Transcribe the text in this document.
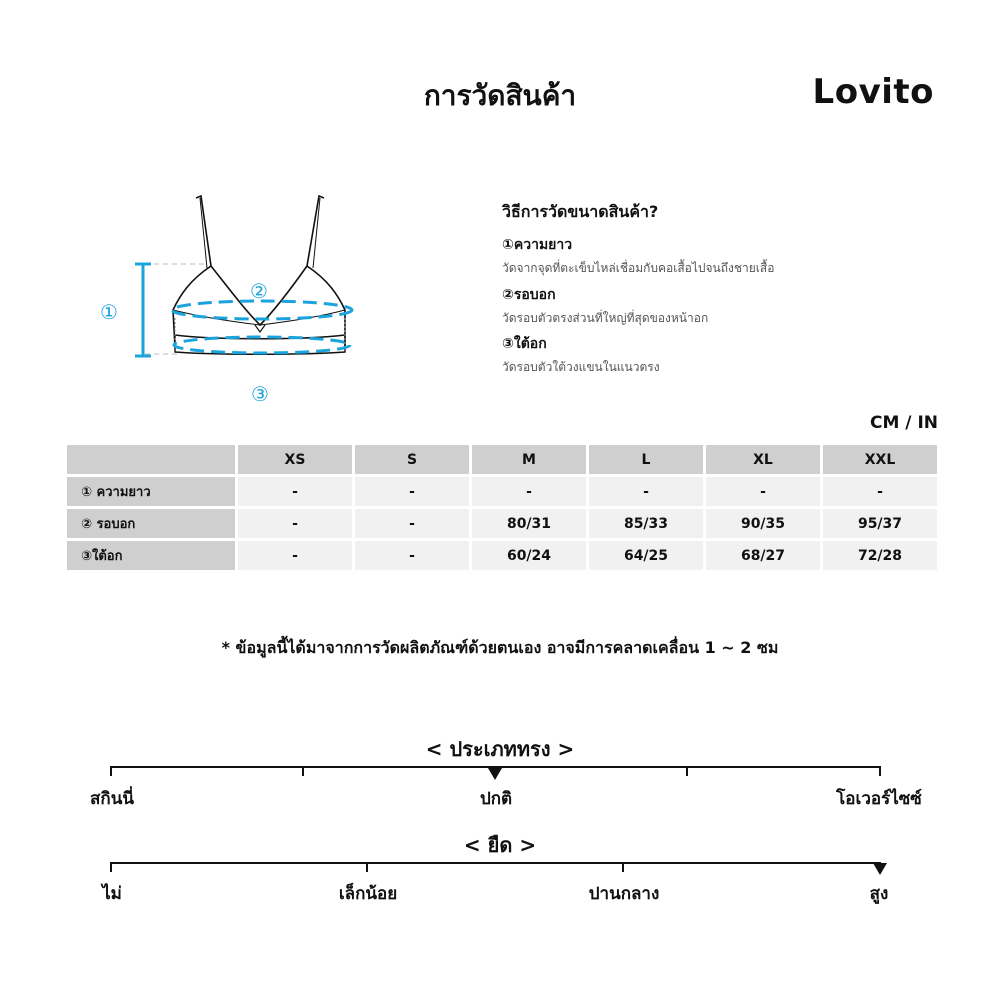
การวัดสินค้า	Lovito
①
②
③
วิธีการวัดขนาดสินค้า?
①ความยาว
วัดจากจุดที่ตะเข็บไหล่เชื่อมกับคอเสื้อไปจนถึงชายเสื้อ
②รอบอก
วัดรอบตัวตรงส่วนที่ใหญ่ที่สุดของหน้าอก
③ใต้อก
วัดรอบตัวใต้วงแขนในแนวตรง
CM / IN
	XS	S	M	L	XL	XXL
① ความยาว	-	-	-	-	-	-
② รอบอก	-	-	80/31	85/33	90/35	95/37
③ใต้อก	-	-	60/24	64/25	68/27	72/28
* ข้อมูลนี้ได้มาจากการวัดผลิตภัณฑ์ด้วยตนเอง อาจมีการคลาดเคลื่อน 1 ~ 2 ซม
< ประเภททรง >
สกินนี่	ปกติ	โอเวอร์ไซซ์
< ยืด >
ไม่	เล็กน้อย	ปานกลาง	สูง
